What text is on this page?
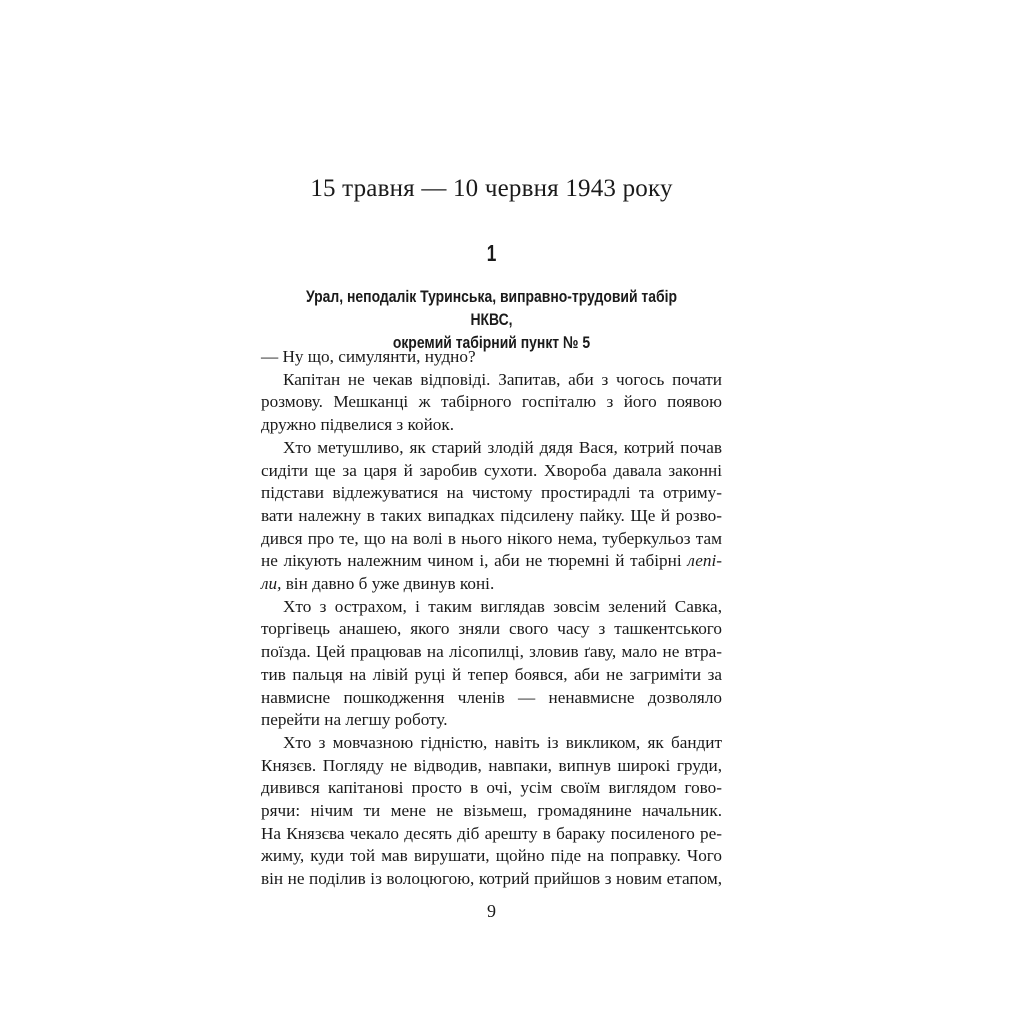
15 травня — 10 червня 1943 року
1
Урал, неподалік Туринська, виправно-трудовий табір НКВС,
окремий табірний пункт № 5
— Ну що, симулянти, нудно?
Капітан не чекав відповіді. Запитав, аби з чогось почати
розмову. Мешканці ж табірного госпіталю з його появою
дружно підвелися з койок.
Хто метушливо, як старий злодій дядя Вася, котрий почав
сидіти ще за царя й заробив сухоти. Хвороба давала законні
підстави відлежуватися на чистому простирадлі та отриму-
вати належну в таких випадках підсилену пайку. Ще й розво-
дився про те, що на волі в нього нікого нема, туберкульоз там
не лікують належним чином і, аби не тюремні й табірні лепі-
ли, він давно б уже двинув коні.
Хто з острахом, і таким виглядав зовсім зелений Савка,
торгівець анашею, якого зняли свого часу з ташкентського
поїзда. Цей працював на лісопилці, зловив ґаву, мало не втра-
тив пальця на лівій руці й тепер боявся, аби не загриміти за
навмисне пошкодження членів — ненавмисне дозволяло
перейти на легшу роботу.
Хто з мовчазною гідністю, навіть із викликом, як бандит
Князєв. Погляду не відводив, навпаки, випнув широкі груди,
дивився капітанові просто в очі, усім своїм виглядом гово-
рячи: нічим ти мене не візьмеш, громадянине начальник.
На Князєва чекало десять діб арешту в бараку посиленого ре-
жиму, куди той мав вирушати, щойно піде на поправку. Чого
він не поділив із волоцюгою, котрий прийшов з новим етапом,
9
